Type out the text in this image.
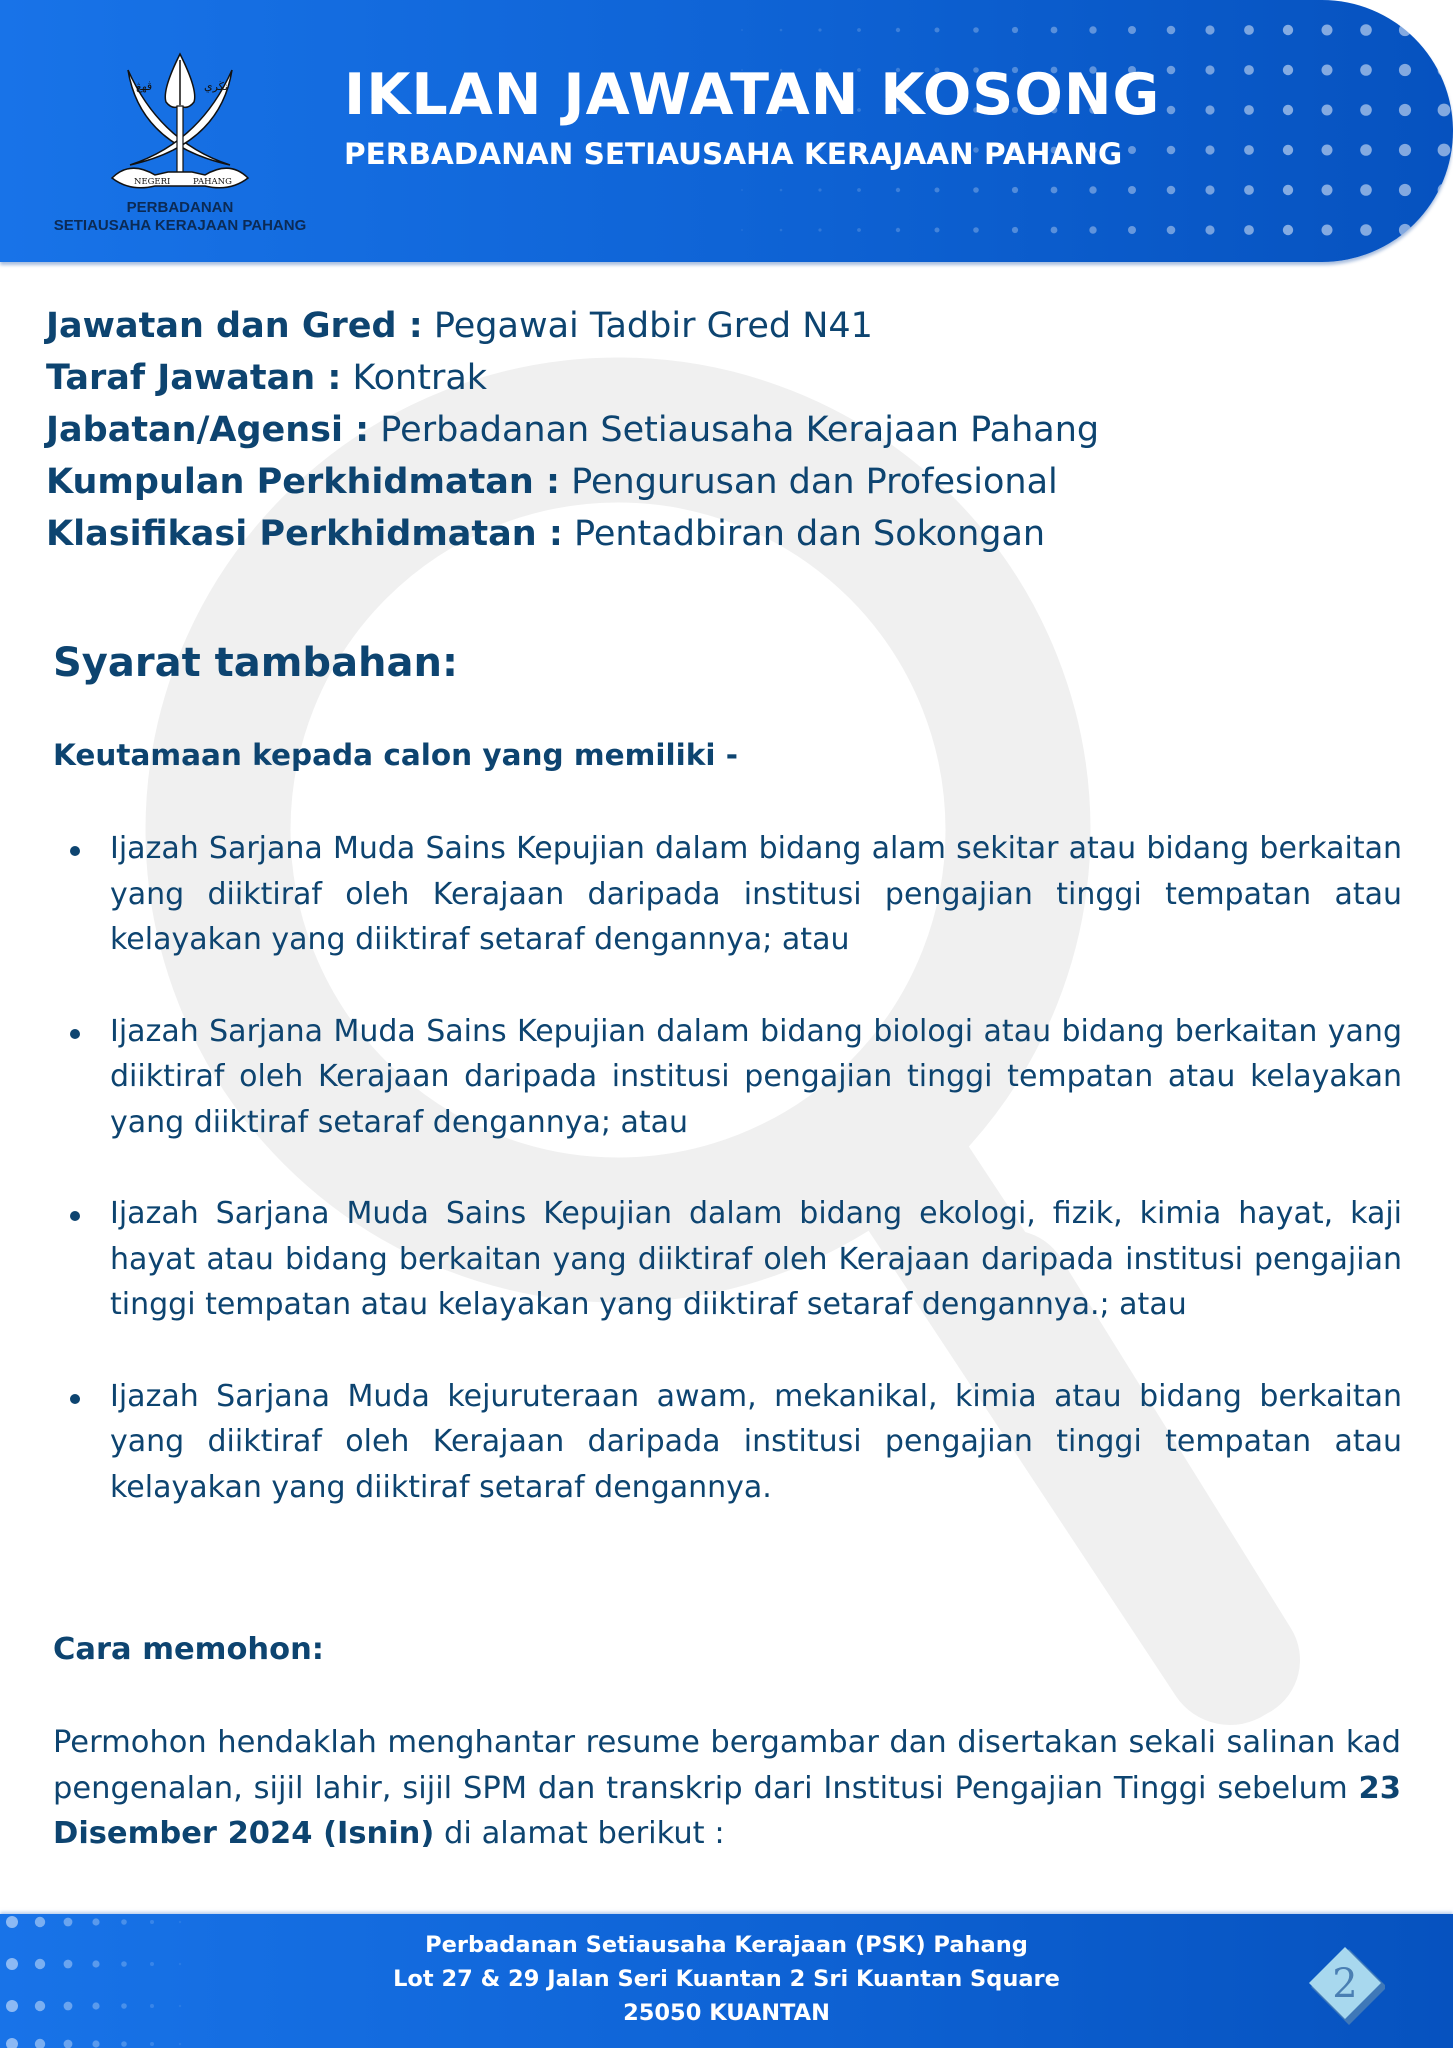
ڤهڠ	نڬري
NEGERI	PAHANG
PERBADANAN
SETIAUSAHA KERAJAAN PAHANG
IKLAN JAWATAN KOSONG
PERBADANAN SETIAUSAHA KERAJAAN PAHANG
Jawatan dan Gred : Pegawai Tadbir Gred N41
Taraf Jawatan : Kontrak
Jabatan/Agensi : Perbadanan Setiausaha Kerajaan Pahang
Kumpulan Perkhidmatan : Pengurusan dan Profesional
Klasifikasi Perkhidmatan : Pentadbiran dan Sokongan
Syarat tambahan:
Keutamaan kepada calon yang memiliki -
Ijazah Sarjana Muda Sains Kepujian dalam bidang alam sekitar atau bidang berkaitan yang diiktiraf oleh Kerajaan daripada institusi pengajian tinggi tempatan atau kelayakan yang diiktiraf setaraf dengannya; atau
Ijazah Sarjana Muda Sains Kepujian dalam bidang biologi atau bidang berkaitan yang diiktiraf oleh Kerajaan daripada institusi pengajian tinggi tempatan atau kelayakan yang diiktiraf setaraf dengannya; atau
Ijazah Sarjana Muda Sains Kepujian dalam bidang ekologi, fizik, kimia hayat, kaji hayat atau bidang berkaitan yang diiktiraf oleh Kerajaan daripada institusi pengajian tinggi tempatan atau kelayakan yang diiktiraf setaraf dengannya.; atau
Ijazah Sarjana Muda kejuruteraan awam, mekanikal, kimia atau bidang berkaitan yang diiktiraf oleh Kerajaan daripada institusi pengajian tinggi tempatan atau kelayakan yang diiktiraf setaraf dengannya.
Cara memohon:
Permohon hendaklah menghantar resume bergambar dan disertakan sekali salinan kad pengenalan, sijil lahir, sijil SPM dan transkrip dari Institusi Pengajian Tinggi sebelum 23 Disember 2024 (Isnin) di alamat berikut :
Perbadanan Setiausaha Kerajaan (PSK) Pahang
Lot 27 & 29 Jalan Seri Kuantan 2 Sri Kuantan Square
25050 KUANTAN
2
